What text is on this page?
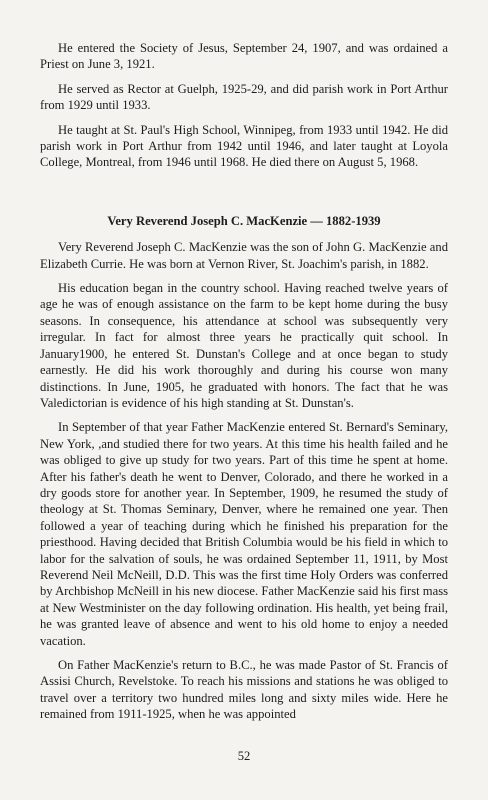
He entered the Society of Jesus, September 24, 1907, and was ordained a Priest on June 3, 1921.

He served as Rector at Guelph, 1925-29, and did parish work in Port Arthur from 1929 until 1933.

He taught at St. Paul's High School, Winnipeg, from 1933 until 1942. He did parish work in Port Arthur from 1942 until 1946, and later taught at Loyola College, Montreal, from 1946 until 1968. He died there on August 5, 1968.

Very Reverend Joseph C. MacKenzie — 1882-1939

Very Reverend Joseph C. MacKenzie was the son of John G. MacKenzie and Elizabeth Currie. He was born at Vernon River, St. Joachim's parish, in 1882.

His education began in the country school. Having reached twelve years of age he was of enough assistance on the farm to be kept home during the busy seasons. In consequence, his attendance at school was subsequently very irregular. In fact for almost three years he practically quit school. In January1900, he entered St. Dunstan's College and at once began to study earnestly. He did his work thoroughly and during his course won many distinctions. In June, 1905, he graduated with honors. The fact that he was Valedictorian is evidence of his high standing at St. Dunstan's.

In September of that year Father MacKenzie entered St. Bernard's Seminary, New York, ,and studied there for two years. At this time his health failed and he was obliged to give up study for two years. Part of this time he spent at home. After his father's death he went to Denver, Colorado, and there he worked in a dry goods store for another year. In September, 1909, he resumed the study of theology at St. Thomas Seminary, Denver, where he remained one year. Then followed a year of teaching during which he finished his preparation for the priesthood. Having decided that British Columbia would be his field in which to labor for the salvation of souls, he was ordained September 11, 1911, by Most Reverend Neil McNeill, D.D. This was the first time Holy Orders was conferred by Archbishop McNeill in his new diocese. Father MacKenzie said his first mass at New Westminister on the day following ordination. His health, yet being frail, he was granted leave of absence and went to his old home to enjoy a needed vacation.

On Father MacKenzie's return to B.C., he was made Pastor of St. Francis of Assisi Church, Revelstoke. To reach his missions and stations he was obliged to travel over a territory two hundred miles long and sixty miles wide. Here he remained from 1911-1925, when he was appointed

52
